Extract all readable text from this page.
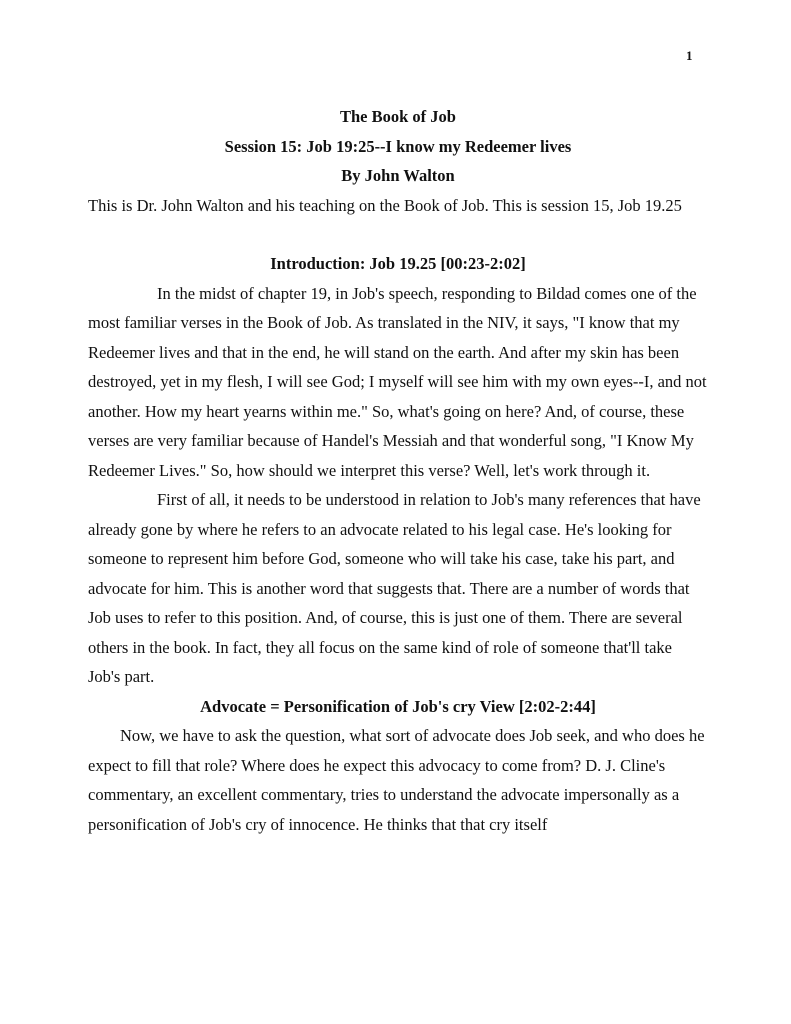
1

The Book of Job

Session 15: Job 19:25--I know my Redeemer lives

By John Walton

This is Dr. John Walton and his teaching on the Book of Job. This is session 15, Job 19.25

Introduction: Job 19.25 [00:23-2:02]

In the midst of chapter 19, in Job's speech, responding to Bildad comes one of the most familiar verses in the Book of Job. As translated in the NIV, it says, "I know that my Redeemer lives and that in the end, he will stand on the earth. And after my skin has been destroyed, yet in my flesh, I will see God; I myself will see him with my own eyes--I, and not another. How my heart yearns within me." So, what's going on here? And, of course, these verses are very familiar because of Handel's Messiah and that wonderful song, "I Know My Redeemer Lives." So, how should we interpret this verse? Well, let's work through it.

First of all, it needs to be understood in relation to Job's many references that have already gone by where he refers to an advocate related to his legal case. He's looking for someone to represent him before God, someone who will take his case, take his part, and advocate for him. This is another word that suggests that. There are a number of words that Job uses to refer to this position. And, of course, this is just one of them. There are several others in the book. In fact, they all focus on the same kind of role of someone that'll take Job's part.

Advocate = Personification of Job's cry View [2:02-2:44]

Now, we have to ask the question, what sort of advocate does Job seek, and who does he expect to fill that role? Where does he expect this advocacy to come from? D. J. Cline's commentary, an excellent commentary, tries to understand the advocate impersonally as a personification of Job's cry of innocence. He thinks that that cry itself
